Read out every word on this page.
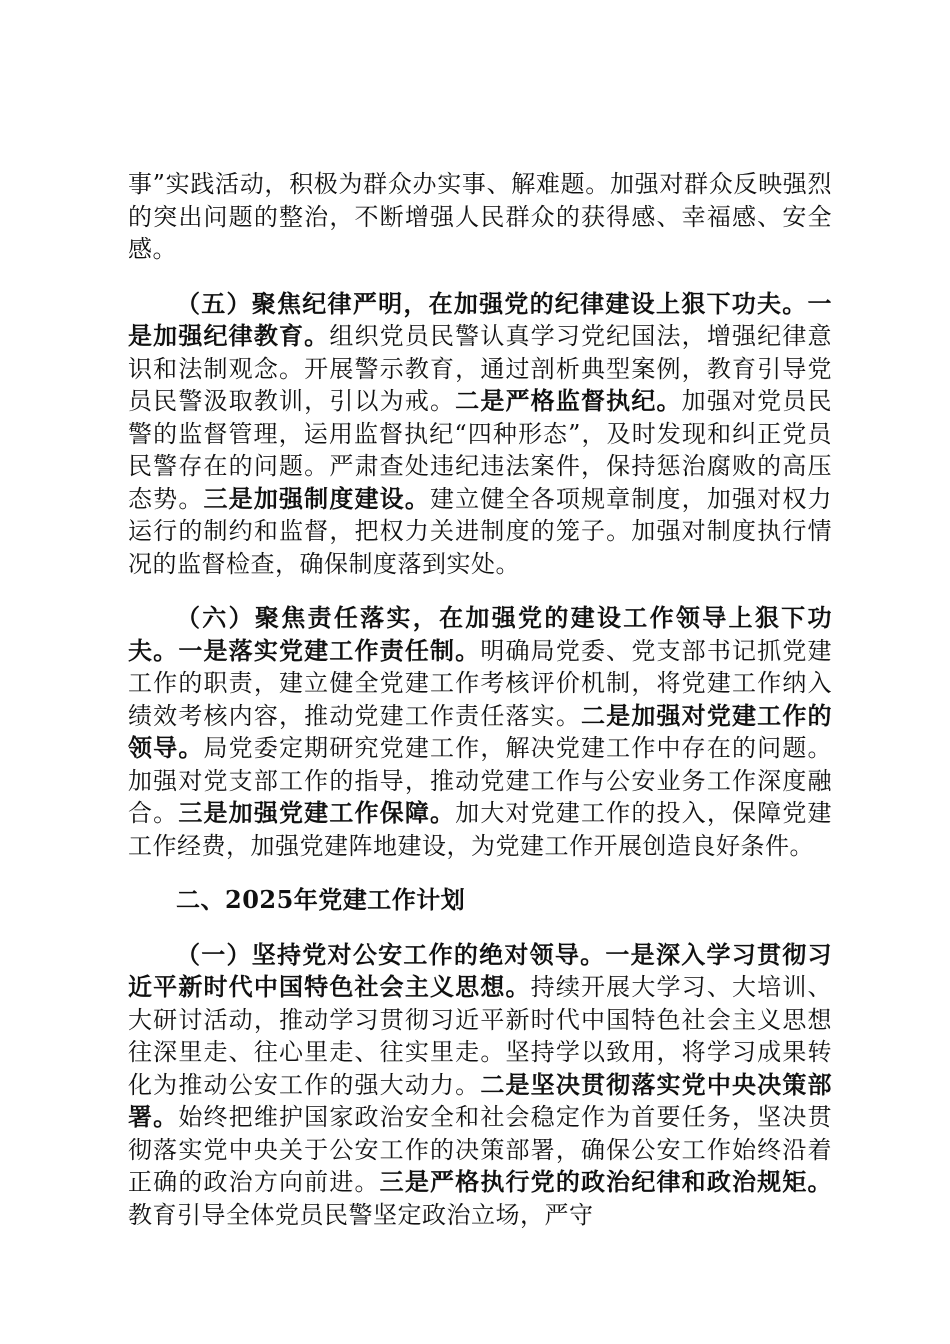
事”实践活动，积极为群众办实事、解难题。加强对群众反映强烈的突出问题的整治，不断增强人民群众的获得感、幸福感、安全感。

（五）聚焦纪律严明，在加强党的纪律建设上狠下功夫。一是加强纪律教育。组织党员民警认真学习党纪国法，增强纪律意识和法制观念。开展警示教育，通过剖析典型案例，教育引导党员民警汲取教训，引以为戒。二是严格监督执纪。加强对党员民警的监督管理，运用监督执纪“四种形态”，及时发现和纠正党员民警存在的问题。严肃查处违纪违法案件，保持惩治腐败的高压态势。三是加强制度建设。建立健全各项规章制度，加强对权力运行的制约和监督，把权力关进制度的笼子。加强对制度执行情况的监督检查，确保制度落到实处。

（六）聚焦责任落实，在加强党的建设工作领导上狠下功夫。一是落实党建工作责任制。明确局党委、党支部书记抓党建工作的职责，建立健全党建工作考核评价机制，将党建工作纳入绩效考核内容，推动党建工作责任落实。二是加强对党建工作的领导。局党委定期研究党建工作，解决党建工作中存在的问题。加强对党支部工作的指导，推动党建工作与公安业务工作深度融合。三是加强党建工作保障。加大对党建工作的投入，保障党建工作经费，加强党建阵地建设，为党建工作开展创造良好条件。

二、2025年党建工作计划

（一）坚持党对公安工作的绝对领导。一是深入学习贯彻习近平新时代中国特色社会主义思想。持续开展大学习、大培训、大研讨活动，推动学习贯彻习近平新时代中国特色社会主义思想往深里走、往心里走、往实里走。坚持学以致用，将学习成果转化为推动公安工作的强大动力。二是坚决贯彻落实党中央决策部署。始终把维护国家政治安全和社会稳定作为首要任务，坚决贯彻落实党中央关于公安工作的决策部署，确保公安工作始终沿着正确的政治方向前进。三是严格执行党的政治纪律和政治规矩。教育引导全体党员民警坚定政治立场，严守
